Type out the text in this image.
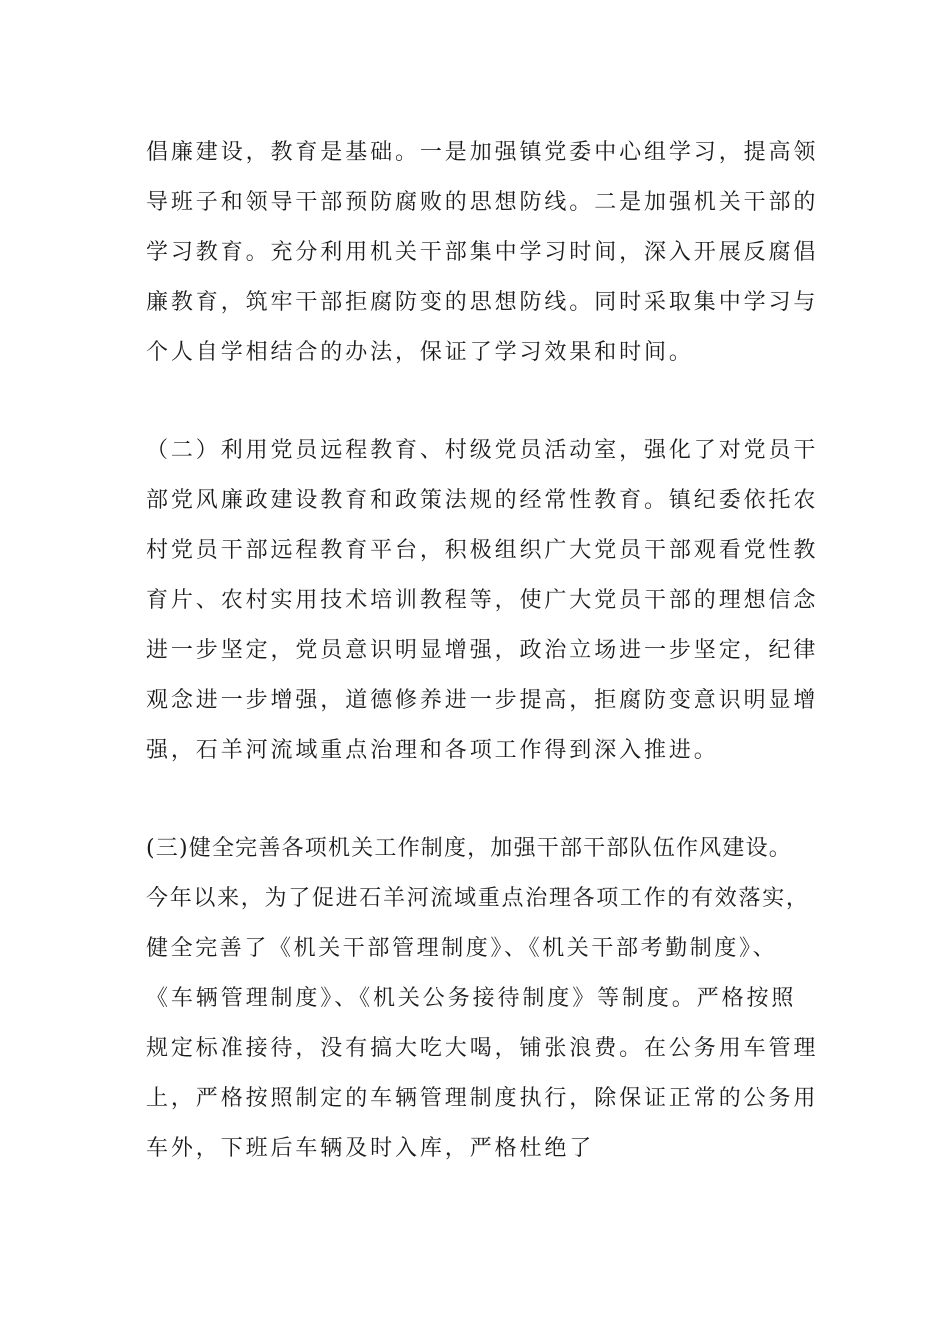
倡廉建设，教育是基础。一是加强镇党委中心组学习，提高领
导班子和领导干部预防腐败的思想防线。二是加强机关干部的
学习教育。充分利用机关干部集中学习时间，深入开展反腐倡
廉教育，筑牢干部拒腐防变的思想防线。同时采取集中学习与
个人自学相结合的办法，保证了学习效果和时间。
（二）利用党员远程教育、村级党员活动室，强化了对党员干
部党风廉政建设教育和政策法规的经常性教育。镇纪委依托农
村党员干部远程教育平台，积极组织广大党员干部观看党性教
育片、农村实用技术培训教程等，使广大党员干部的理想信念
进一步坚定，党员意识明显增强，政治立场进一步坚定，纪律
观念进一步增强，道德修养进一步提高，拒腐防变意识明显增
强，石羊河流域重点治理和各项工作得到深入推进。
(三)健全完善各项机关工作制度，加强干部干部队伍作风建设。
今年以来，为了促进石羊河流域重点治理各项工作的有效落实，
健全完善了《机关干部管理制度》、《机关干部考勤制度》、
《车辆管理制度》、《机关公务接待制度》等制度。严格按照
规定标准接待，没有搞大吃大喝，铺张浪费。在公务用车管理
上，严格按照制定的车辆管理制度执行，除保证正常的公务用
车外，下班后车辆及时入库，严格杜绝了
